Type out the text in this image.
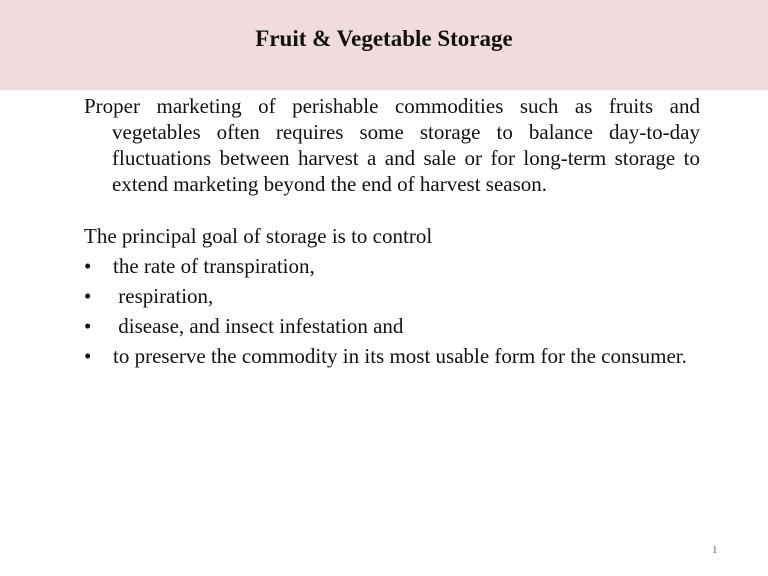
Fruit & Vegetable Storage

Proper marketing of perishable commodities such as fruits and vegetables often requires some storage to balance day-to-day fluctuations between harvest a and sale or for long-term storage to extend marketing beyond the end of harvest season.

The principal goal of storage is to control

•	the rate of transpiration,
•	respiration,
•	disease, and insect infestation and
•	to preserve the commodity in its most usable form for the consumer.
1
